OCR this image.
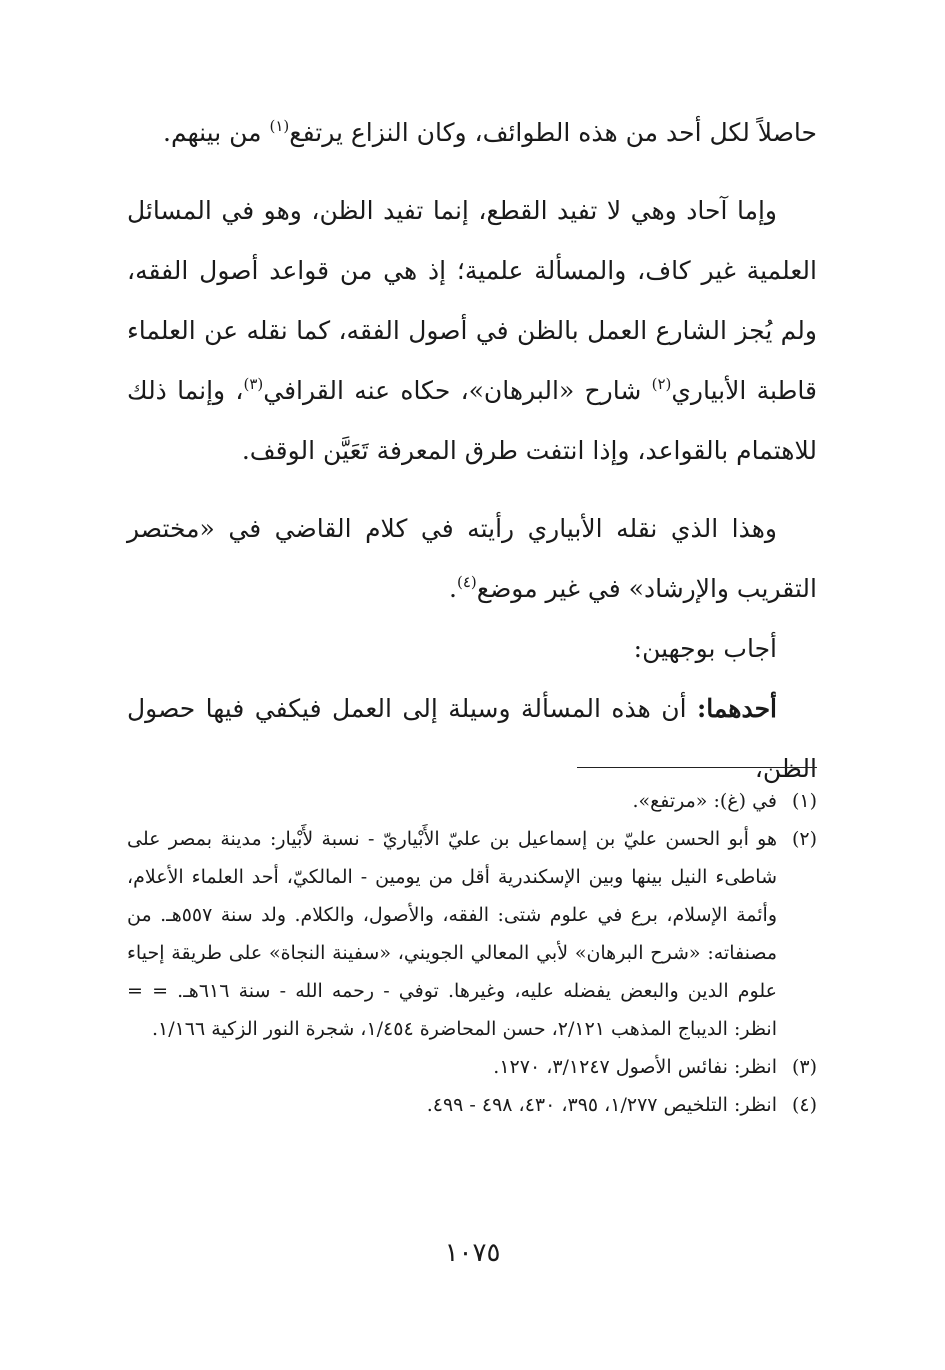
حاصلاً لكل أحد من هذه الطوائف، وكان النزاع يرتفع$^{(١)}$ من بينهم.

وإما آحاد وهي لا تفيد القطع، إنما تفيد الظن، وهو في المسائل العلمية غير كاف، والمسألة علمية؛ إذ هي من قواعد أصول الفقه، ولم يُجز الشارع العمل بالظن في أصول الفقه، كما نقله عن العلماء قاطبة الأبياري$^{(٢)}$ شارح «البرهان»، حكاه عنه القرافي$^{(٣)}$، وإنما ذلك للاهتمام بالقواعد، وإذا انتفت طرق المعرفة تَعَيَّن الوقف.

وهذا الذي نقله الأبياري رأيته في كلام القاضي في «مختصر التقريب والإرشاد» في غير موضع$^{(٤)}$.

أجاب بوجهين:

أحدهما: أن هذه المسألة وسيلة إلى العمل فيكفي فيها حصول الظن،

(١)
في (غ): «مرتفع».
(٢)
هو أبو الحسن عليّ بن إسماعيل بن عليّ الأَبْياريّ - نسبة لأَبْيار: مدينة بمصر على شاطىء النيل بينها وبين الإسكندرية أقل من يومين - المالكيّ، أحد العلماء الأعلام، وأئمة الإسلام، برع في علوم شتى: الفقه، والأصول، والكلام. ولد سنة ٥٥٧هـ. من مصنفاته: «شرح البرهان» لأبي المعالي الجويني، «سفينة النجاة» على طريقة إحياء علوم الدين والبعض يفضله عليه، وغيرها. توفي - رحمه الله - سنة ٦١٦هـ. = = انظر: الديباج المذهب ٢/١٢١، حسن المحاضرة ١/٤٥٤، شجرة النور الزكية ١/١٦٦.
(٣)
انظر: نفائس الأصول ٣/١٢٤٧، ١٢٧٠.
(٤)
انظر: التلخيص ١/٢٧٧، ٣٩٥، ٤٣٠، ٤٩٨ - ٤٩٩.
١٠٧٥
